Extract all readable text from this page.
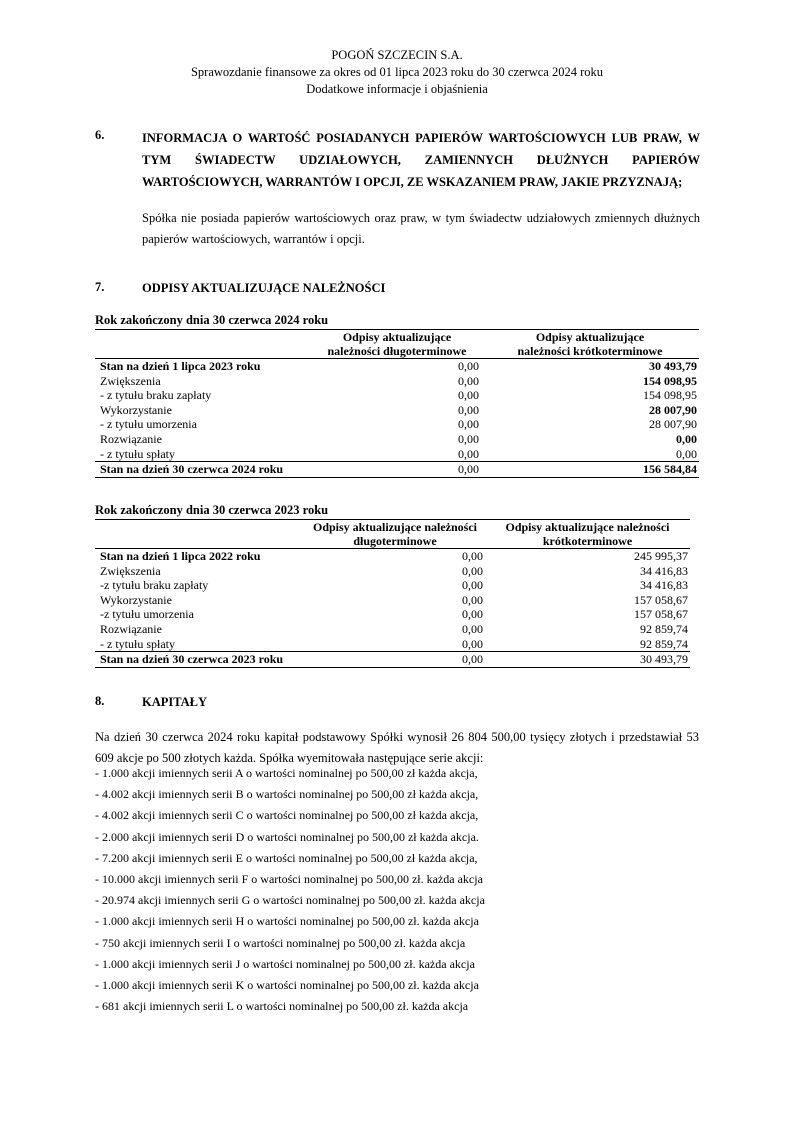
POGOŃ SZCZECIN S.A.
Sprawozdanie finansowe za okres od 01 lipca 2023 roku do 30 czerwca 2024 roku
Dodatkowe informacje i objaśnienia
6.	INFORMACJA O WARTOŚĆ POSIADANYCH PAPIERÓW WARTOŚCIOWYCH LUB PRAW, W TYM ŚWIADECTW UDZIAŁOWYCH, ZAMIENNYCH DŁUŻNYCH PAPIERÓW WARTOŚCIOWYCH, WARRANTÓW I OPCJI, ZE WSKAZANIEM PRAW, JAKIE PRZYZNAJĄ;
Spółka nie posiada papierów wartościowych oraz praw, w tym świadectw udziałowych zmiennych dłużnych papierów wartościowych, warrantów i opcji.
7.	ODPISY AKTUALIZUJĄCE NALEŻNOŚCI
Rok zakończony dnia 30 czerwca 2024 roku
	Odpisy aktualizujące należności długoterminowe	Odpisy aktualizujące należności krótkoterminowe
Stan na dzień 1 lipca 2023 roku	0,00	30 493,79
Zwiększenia	0,00	154 098,95
- z tytułu braku zapłaty	0,00	154 098,95
Wykorzystanie	0,00	28 007,90
- z tytułu umorzenia	0,00	28 007,90
Rozwiązanie	0,00	0,00
- z tytułu spłaty	0,00	0,00
Stan na dzień 30 czerwca 2024 roku	0,00	156 584,84
Rok zakończony dnia 30 czerwca 2023 roku
	Odpisy aktualizujące należności długoterminowe	Odpisy aktualizujące należności krótkoterminowe
Stan na dzień 1 lipca 2022 roku	0,00	245 995,37
Zwiększenia	0,00	34 416,83
-z tytułu braku zapłaty	0,00	34 416,83
Wykorzystanie	0,00	157 058,67
-z tytułu umorzenia	0,00	157 058,67
Rozwiązanie	0,00	92 859,74
- z tytułu spłaty	0,00	92 859,74
Stan na dzień 30 czerwca 2023 roku	0,00	30 493,79
8.	KAPITAŁY
Na dzień 30 czerwca 2024 roku kapitał podstawowy Spółki wynosił 26 804 500,00 tysięcy złotych i przedstawiał 53 609 akcje po 500 złotych każda. Spółka wyemitowała następujące serie akcji:
- 1.000 akcji imiennych serii A o wartości nominalnej po 500,00 zł każda akcja,
- 4.002 akcji imiennych serii B o wartości nominalnej po 500,00 zł każda akcja,
- 4.002 akcji imiennych serii C o wartości nominalnej po 500,00 zł każda akcja,
- 2.000 akcji imiennych serii D o wartości nominalnej po 500,00 zł każda akcja.
- 7.200 akcji imiennych serii E o wartości nominalnej po 500,00 zł każda akcja,
- 10.000 akcji imiennych serii F o wartości nominalnej po 500,00 zł. każda akcja
- 20.974 akcji imiennych serii G o wartości nominalnej po 500,00 zł. każda akcja
- 1.000 akcji imiennych serii H o wartości nominalnej po 500,00 zł. każda akcja
- 750 akcji imiennych serii I o wartości nominalnej po 500,00 zł. każda akcja
- 1.000 akcji imiennych serii J o wartości nominalnej po 500,00 zł. każda akcja
- 1.000 akcji imiennych serii K o wartości nominalnej po 500,00 zł. każda akcja
- 681 akcji imiennych serii L o wartości nominalnej po 500,00 zł. każda akcja
